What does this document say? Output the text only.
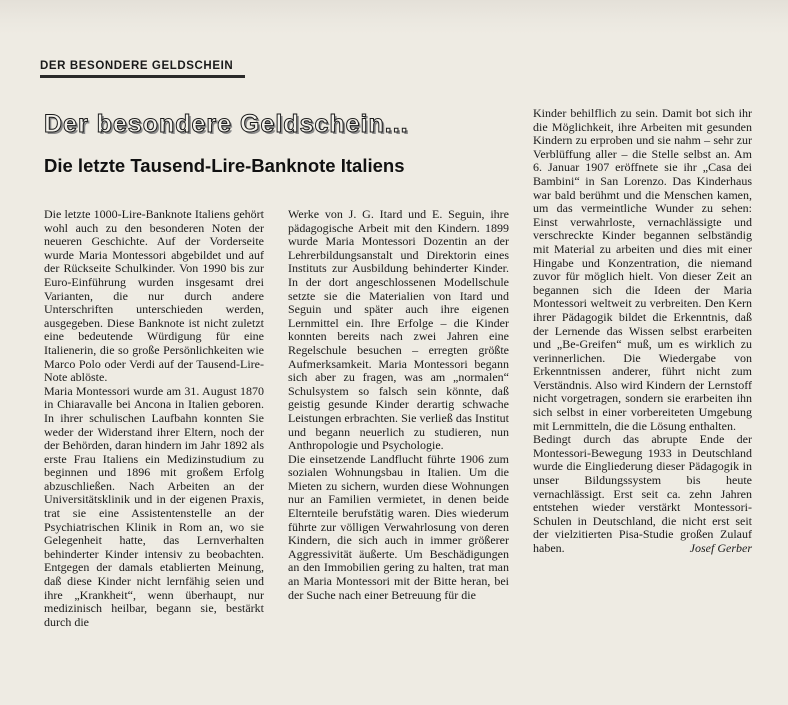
DER BESONDERE GELDSCHEIN
Der besondere Geldschein...
Die letzte Tausend-Lire-Banknote Italiens

Die letzte 1000-Lire-Banknote Italiens gehört wohl auch zu den besonderen Noten der neueren Geschichte. Auf der Vorderseite wurde Maria Montessori abgebildet und auf der Rückseite Schulkinder. Von 1990 bis zur Euro-Einführung wurden insgesamt drei Varianten, die nur durch andere Unterschriften unterschieden werden, ausgegeben. Diese Banknote ist nicht zuletzt eine bedeutende Würdigung für eine Italienerin, die so große Persönlichkeiten wie Marco Polo oder Verdi auf der Tausend-Lire-Note ablöste.

Maria Montessori wurde am 31. August 1870 in Chiaravalle bei Ancona in Italien geboren. In ihrer schulischen Laufbahn konnten Sie weder der Widerstand ihrer Eltern, noch der der Behörden, daran hindern im Jahr 1892 als erste Frau Italiens ein Medizinstudium zu beginnen und 1896 mit großem Erfolg abzuschließen. Nach Arbeiten an der Universitätsklinik und in der eigenen Praxis, trat sie eine Assistentenstelle an der Psychiatrischen Klinik in Rom an, wo sie Gelegenheit hatte, das Lernverhalten behinderter Kinder intensiv zu beobachten. Entgegen der damals etablierten Meinung, daß diese Kinder nicht lernfähig seien und ihre „Krankheit“, wenn überhaupt, nur medizinisch heilbar, begann sie, bestärkt durch die

Werke von J. G. Itard und E. Seguin, ihre pädagogische Arbeit mit den Kindern. 1899 wurde Maria Montessori Dozentin an der Lehrerbildungsanstalt und Direktorin eines Instituts zur Ausbildung behinderter Kinder. In der dort angeschlossenen Modellschule setzte sie die Materialien von Itard und Seguin und später auch ihre eigenen Lernmittel ein. Ihre Erfolge – die Kinder konnten bereits nach zwei Jahren eine Regelschule besuchen – erregten größte Aufmerksamkeit. Maria Montessori begann sich aber zu fragen, was am „normalen“ Schulsystem so falsch sein könnte, daß geistig gesunde Kinder derartig schwache Leistungen erbrachten. Sie verließ das Institut und begann neuerlich zu studieren, nun Anthropologie und Psychologie.

Die einsetzende Landflucht führte 1906 zum sozialen Wohnungsbau in Italien. Um die Mieten zu sichern, wurden diese Wohnungen nur an Familien vermietet, in denen beide Elternteile berufstätig waren. Dies wiederum führte zur völligen Verwahrlosung von deren Kindern, die sich auch in immer größerer Aggressivität äußerte. Um Beschädigungen an den Immobilien gering zu halten, trat man an Maria Montessori mit der Bitte heran, bei der Suche nach einer Betreuung für die

Kinder behilflich zu sein. Damit bot sich ihr die Möglichkeit, ihre Arbeiten mit gesunden Kindern zu erproben und sie nahm – sehr zur Verblüffung aller – die Stelle selbst an. Am 6. Januar 1907 eröffnete sie ihr „Casa dei Bambini“ in San Lorenzo. Das Kinderhaus war bald berühmt und die Menschen kamen, um das vermeintliche Wunder zu sehen: Einst verwahrloste, vernachlässigte und verschreckte Kinder begannen selbständig mit Material zu arbeiten und dies mit einer Hingabe und Konzentration, die niemand zuvor für möglich hielt. Von dieser Zeit an begannen sich die Ideen der Maria Montessori weltweit zu verbreiten. Den Kern ihrer Pädagogik bildet die Erkenntnis, daß der Lernende das Wissen selbst erarbeiten und „Be-Greifen“ muß, um es wirklich zu verinnerlichen. Die Wiedergabe von Erkenntnissen anderer, führt nicht zum Verständnis. Also wird Kindern der Lernstoff nicht vorgetragen, sondern sie erarbeiten ihn sich selbst in einer vorbereiteten Umgebung mit Lernmitteln, die die Lösung enthalten.

Bedingt durch das abrupte Ende der Montessori-Bewegung 1933 in Deutschland wurde die Eingliederung dieser Pädagogik in unser Bildungssystem bis heute vernachlässigt. Erst seit ca. zehn Jahren entstehen wieder verstärkt Montessori-Schulen in Deutschland, die nicht erst seit der vielzitierten Pisa-Studie großen Zulauf haben.	Josef Gerber
